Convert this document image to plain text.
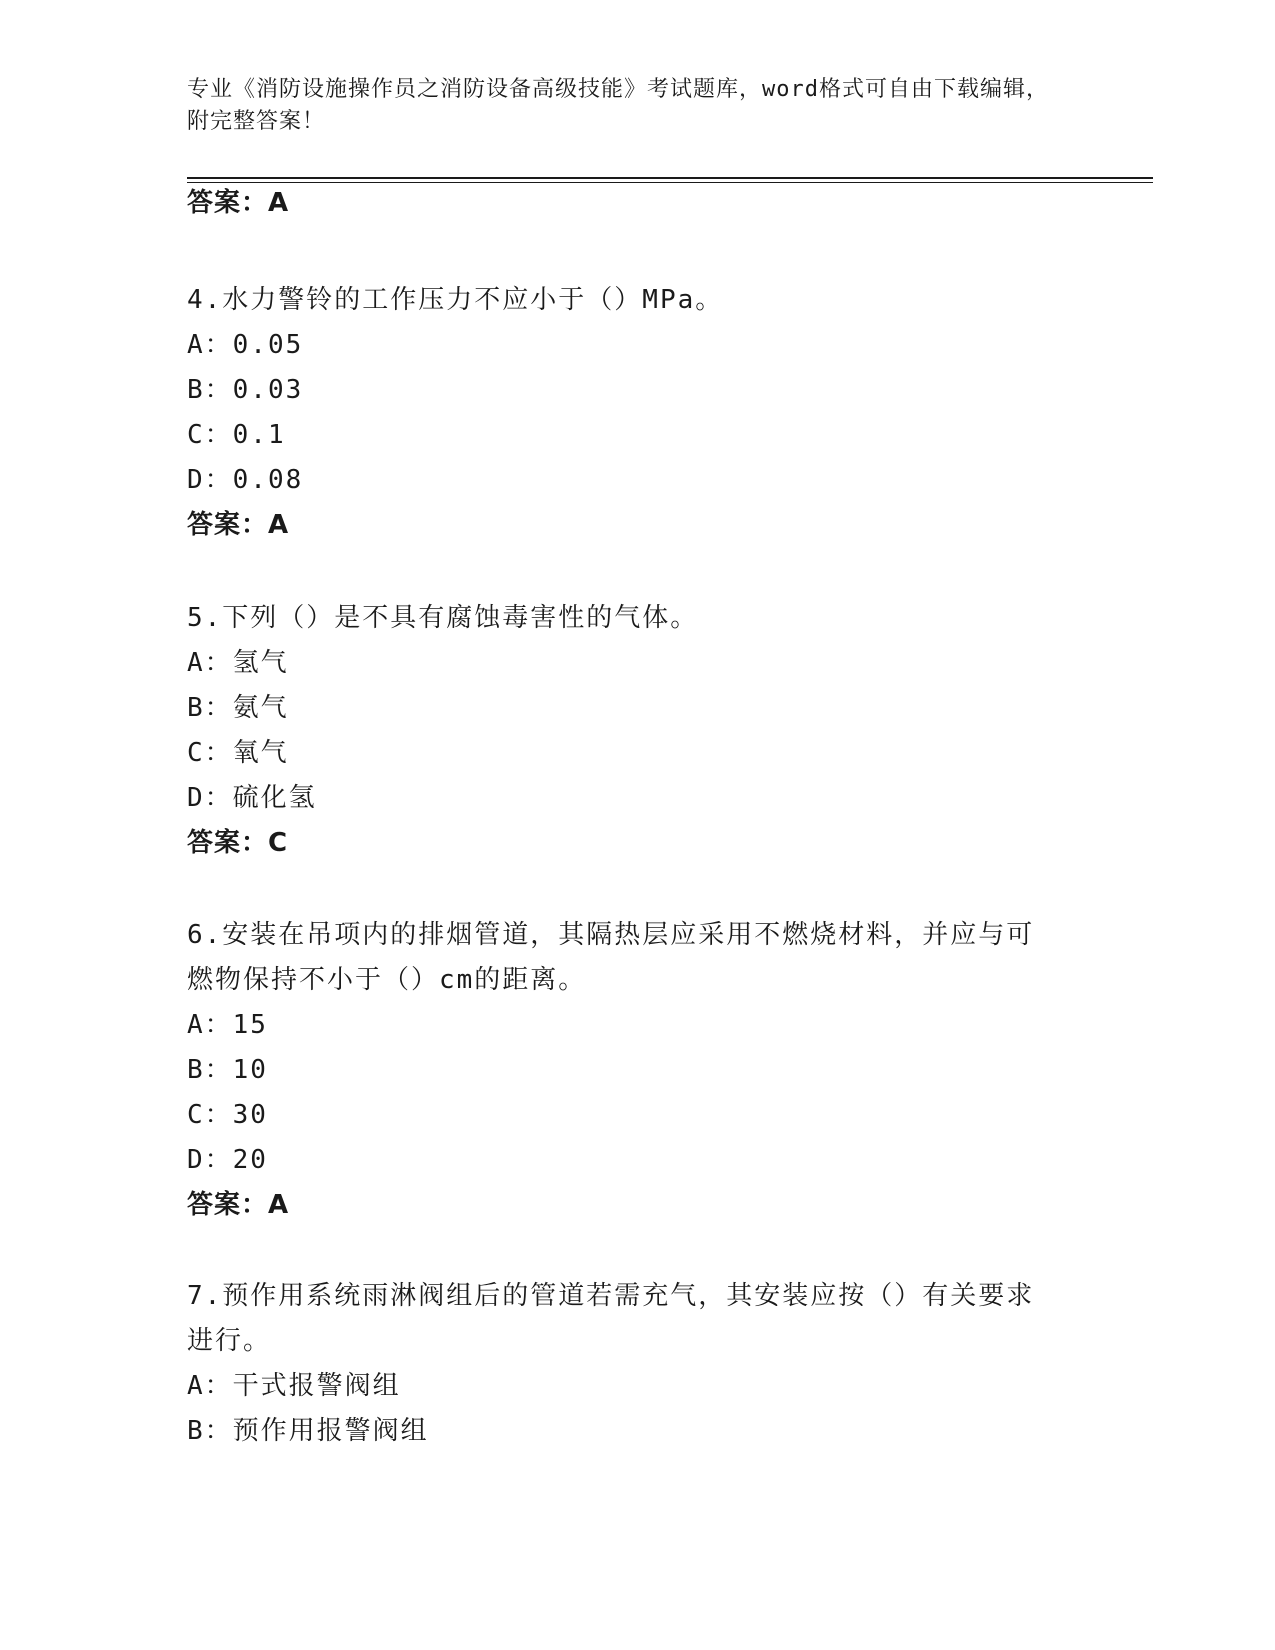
专业《消防设施操作员之消防设备高级技能》考试题库，word格式可自由下载编辑，附完整答案！
答案：A
4.水力警铃的工作压力不应小于（）MPa。
A：0.05
B：0.03
C：0.1
D：0.08
答案：A
5.下列（）是不具有腐蚀毒害性的气体。
A：氢气
B：氨气
C：氧气
D：硫化氢
答案：C
6.安装在吊项内的排烟管道，其隔热层应采用不燃烧材料，并应与可
燃物保持不小于（）cm的距离。
A：15
B：10
C：30
D：20
答案：A
7.预作用系统雨淋阀组后的管道若需充气，其安装应按（）有关要求
进行。
A：干式报警阀组
B：预作用报警阀组
